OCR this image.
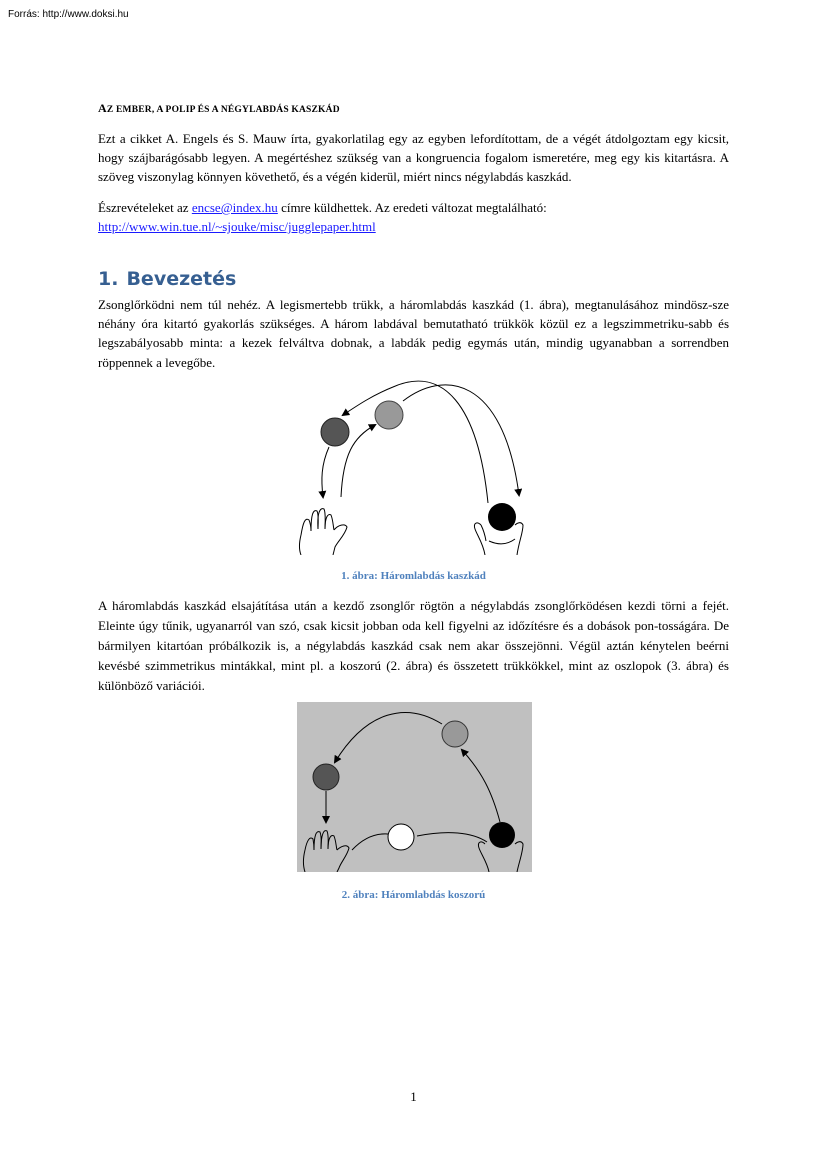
Forrás: http://www.doksi.hu
AZ EMBER, A POLIP ÉS A NÉGYLABDÁS KASZKÁD

Ezt a cikket A. Engels és S. Mauw írta, gyakorlatilag egy az egyben lefordítottam, de a végét átdolgoztam egy kicsit, hogy szájbarágósabb legyen. A megértéshez szükség van a kongruencia fogalom ismeretére, meg egy kis kitartásra. A szöveg viszonylag könnyen követhető, és a végén kiderül, miért nincs négylabdás kaszkád.

Észrevételeket az encse@index.hu címre küldhettek. Az eredeti változat megtalálható:
http://www.win.tue.nl/~sjouke/misc/jugglepaper.html

1. Bevezetés

Zsonglőrködni nem túl nehéz. A legismertebb trükk, a háromlabdás kaszkád (1. ábra), megtanulásához mindösz-sze néhány óra kitartó gyakorlás szükséges. A három labdával bemutatható trükkök közül ez a legszimmetriku-sabb és legszabályosabb minta: a kezek felváltva dobnak, a labdák pedig egymás után, mindig ugyanabban a sorrendben röppennek a levegőbe.

1. ábra: Háromlabdás kaszkád

A háromlabdás kaszkád elsajátítása után a kezdő zsonglőr rögtön a négylabdás zsonglőrködésen kezdi törni a fejét. Eleinte úgy tűnik, ugyanarról van szó, csak kicsit jobban oda kell figyelni az időzítésre és a dobások pon-tosságára. De bármilyen kitartóan próbálkozik is, a négylabdás kaszkád csak nem akar összejönni. Végül aztán kénytelen beérni kevésbé szimmetrikus mintákkal, mint pl. a koszorú (2. ábra) és összetett trükkökkel, mint az oszlopok (3. ábra) és különböző variációi.

2. ábra: Háromlabdás koszorú
1
